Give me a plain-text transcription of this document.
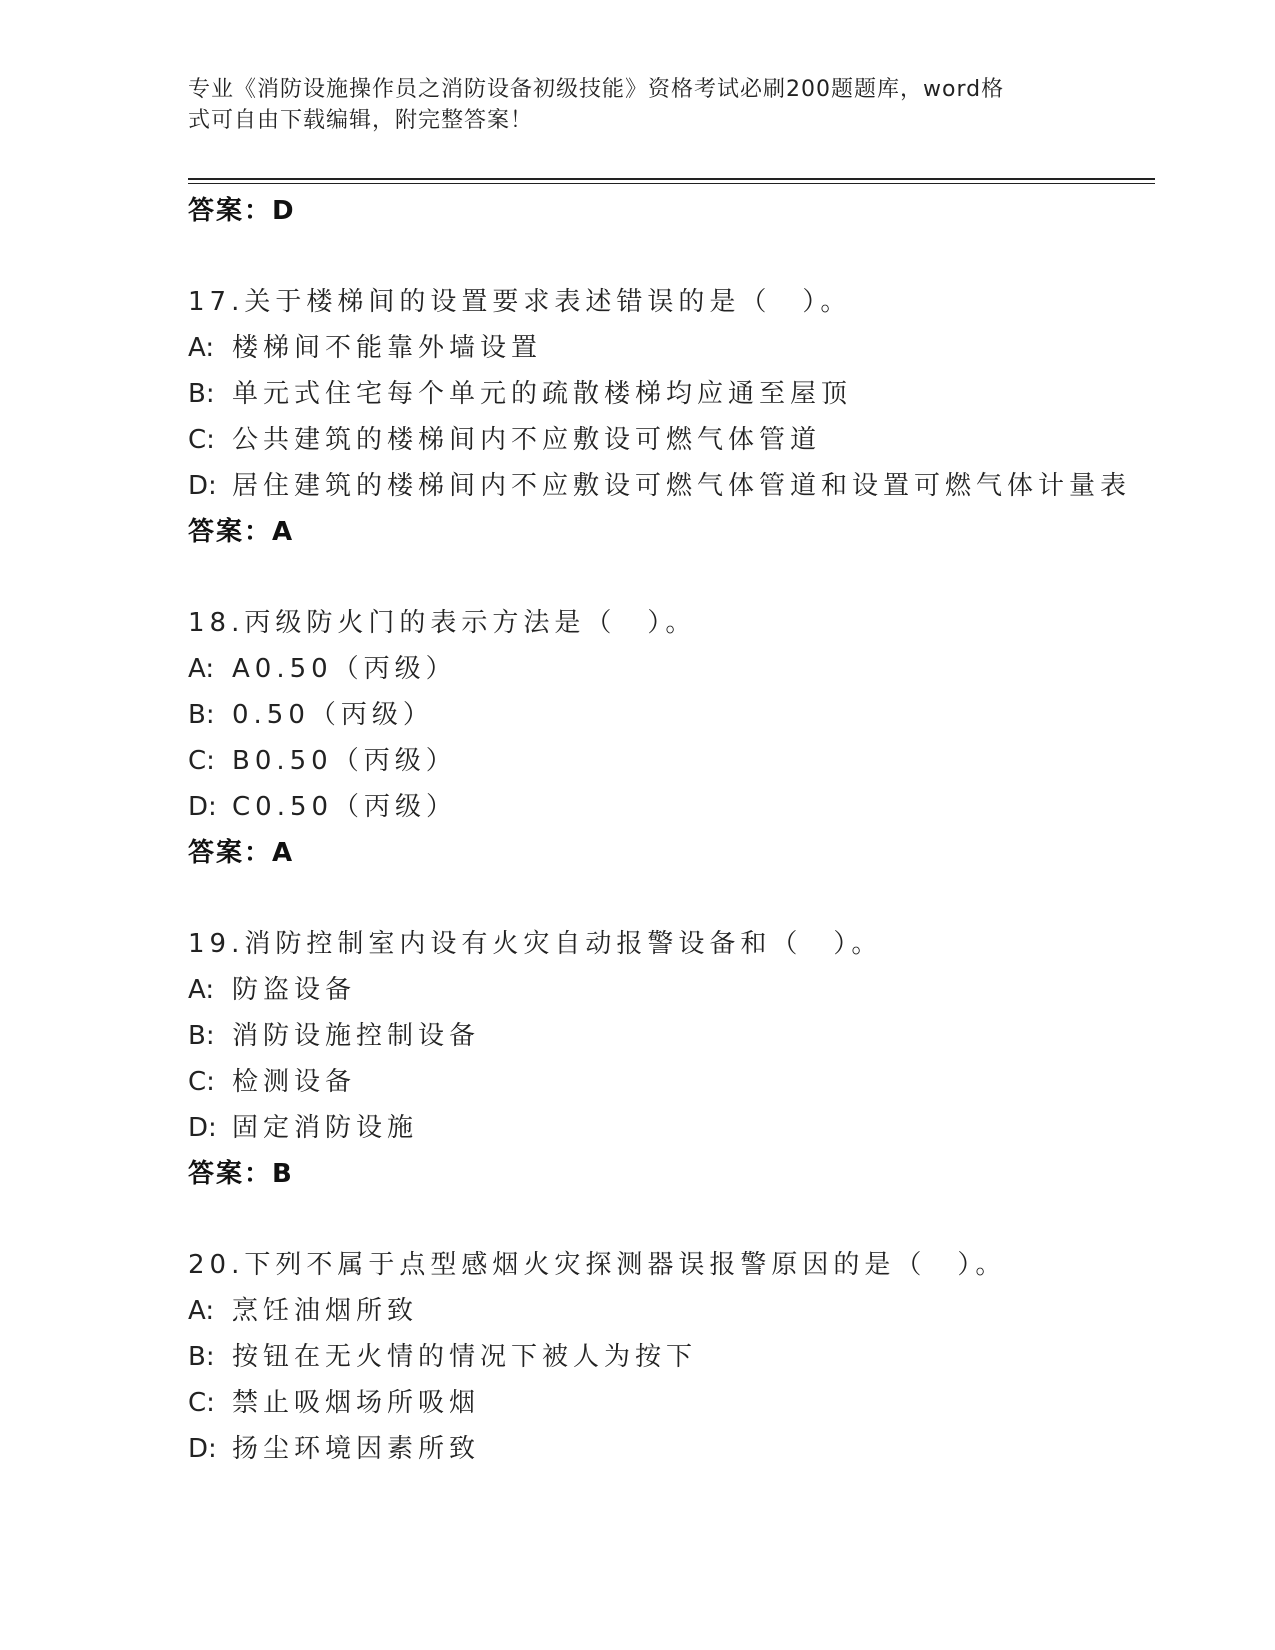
专业《消防设施操作员之消防设备初级技能》资格考试必刷200题题库，word格
式可自由下载编辑，附完整答案！
答案：D
17.关于楼梯间的设置要求表述错误的是（　）。
A: 楼梯间不能靠外墙设置
B: 单元式住宅每个单元的疏散楼梯均应通至屋顶
C: 公共建筑的楼梯间内不应敷设可燃气体管道
D: 居住建筑的楼梯间内不应敷设可燃气体管道和设置可燃气体计量表
答案：A
18.丙级防火门的表示方法是（　）。
A: A0.50（丙级）
B: 0.50（丙级）
C: B0.50（丙级）
D: C0.50（丙级）
答案：A
19.消防控制室内设有火灾自动报警设备和（　）。
A: 防盗设备
B: 消防设施控制设备
C: 检测设备
D: 固定消防设施
答案：B
20.下列不属于点型感烟火灾探测器误报警原因的是（　）。
A: 烹饪油烟所致
B: 按钮在无火情的情况下被人为按下
C: 禁止吸烟场所吸烟
D: 扬尘环境因素所致
